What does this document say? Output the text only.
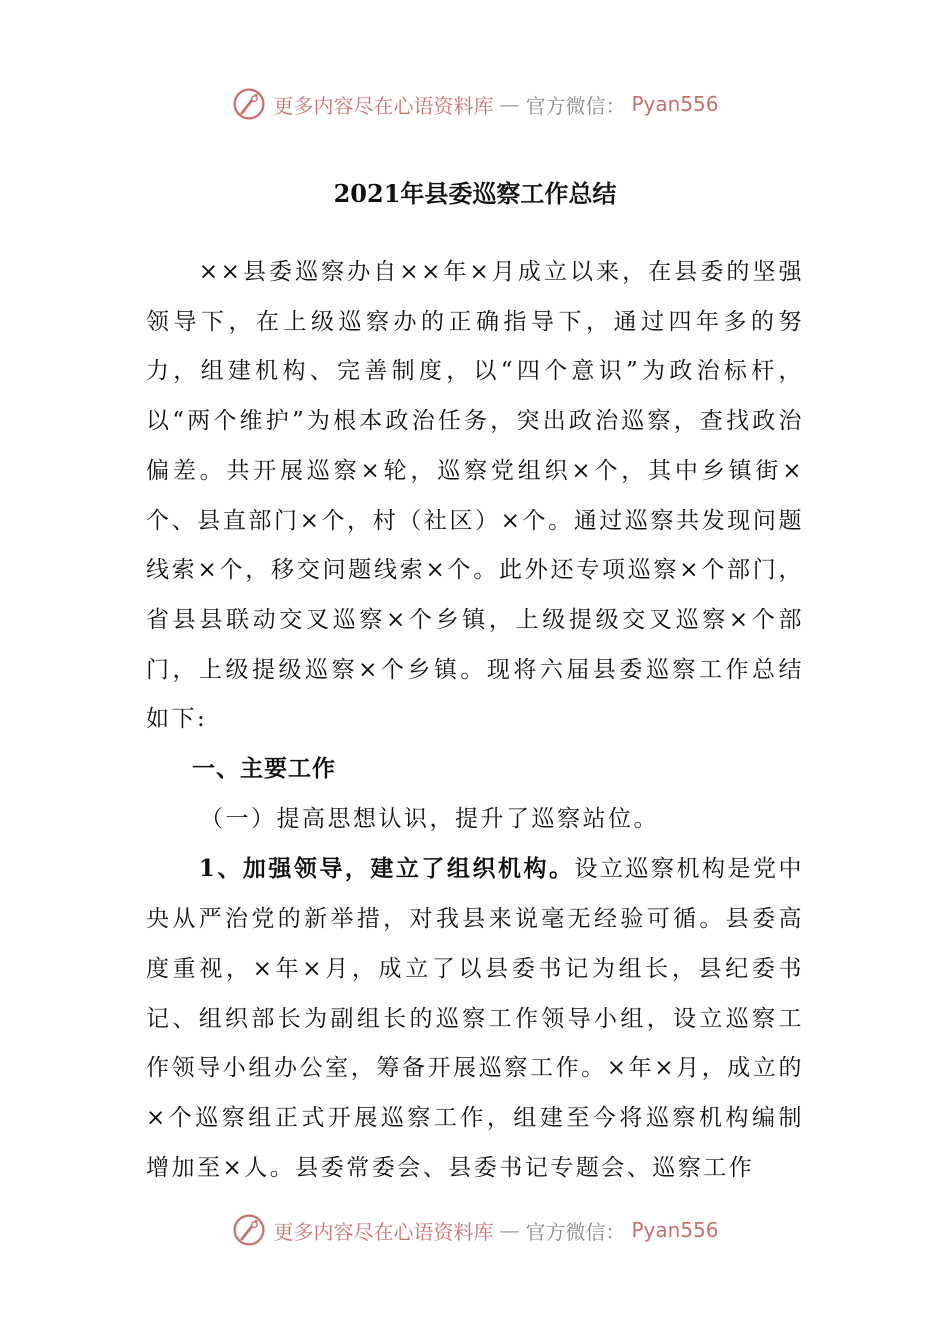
更多内容尽在心语资料库 — 官方微信： Pyan556
2021年县委巡察工作总结

××县委巡察办自××年×月成立以来，在县委的坚强领导下，在上级巡察办的正确指导下，通过四年多的努力，组建机构、完善制度，以“四个意识”为政治标杆，以“两个维护”为根本政治任务，突出政治巡察，查找政治偏差。共开展巡察×轮，巡察党组织×个，其中乡镇街×个、县直部门×个，村（社区）×个。通过巡察共发现问题线索×个，移交问题线索×个。此外还专项巡察×个部门，省县县联动交叉巡察×个乡镇，上级提级交叉巡察×个部门，上级提级巡察×个乡镇。现将六届县委巡察工作总结如下:

一、主要工作

（一）提高思想认识，提升了巡察站位。

1、加强领导，建立了组织机构。设立巡察机构是党中央从严治党的新举措，对我县来说毫无经验可循。县委高度重视，×年×月，成立了以县委书记为组长，县纪委书记、组织部长为副组长的巡察工作领导小组，设立巡察工作领导小组办公室，筹备开展巡察工作。×年×月，成立的×个巡察组正式开展巡察工作，组建至今将巡察机构编制增加至×人。县委常委会、县委书记专题会、巡察工作

更多内容尽在心语资料库 — 官方微信： Pyan556
